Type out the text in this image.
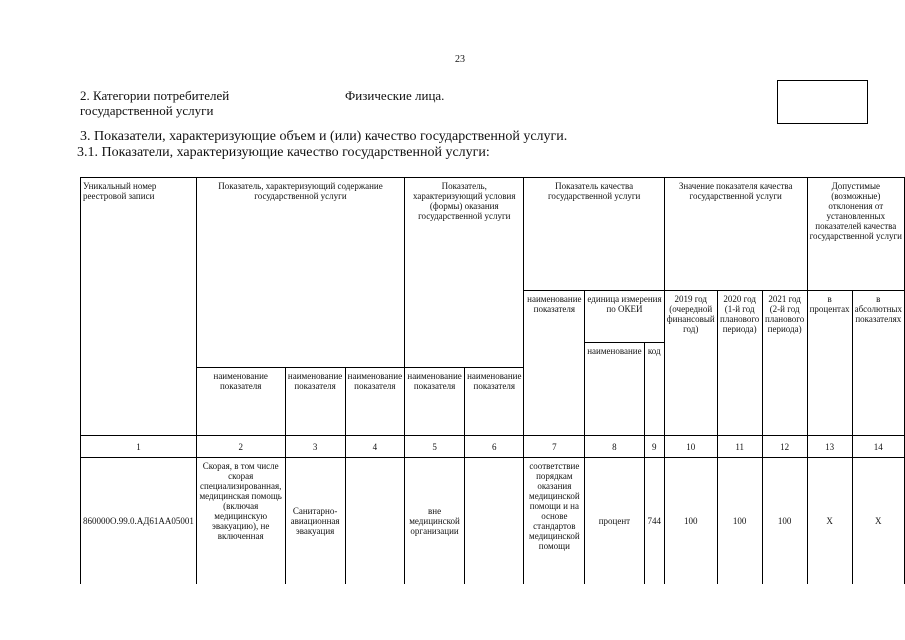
23
2. Категории потребителей
государственной услуги
Физические лица.
3. Показатели, характеризующие объем и (или) качество государственной услуги.
3.1. Показатели, характеризующие качество государственной услуги:
Уникальный номер реестровой записи	Показатель, характеризующий содержание государственной услуги			Показатель, характеризующий условия (формы) оказания государственной услуги		Показатель качества государственной услуги			Значение показателя качества государственной услуги			Допустимые (возможные) отклонения от установленных показателей качества государственной услуги	
						наименование показателя	единица измерения по ОКЕИ		2019 год (очередной финансовый год)	2020 год (1-й год планового периода)	2021 год (2-й год планового периода)	в процентах	в абсолютных показателях
							наименование	код					
	наименование показателя	наименование показателя	наименование показателя	наименование показателя	наименование показателя								
1	2	3	4	5	6	7	8	9	10	11	12	13	14
860000О.99.0.АД61АА05001	Скорая, в том числе скорая специализированная, медицинская помощь (включая медицинскую эвакуацию), не включенная	Санитарно-авиационная эвакуация		вне медицинской организации		соответствие порядкам оказания медицинской помощи и на основе стандартов медицинской помощи	процент	744	100	100	100	Х	Х
